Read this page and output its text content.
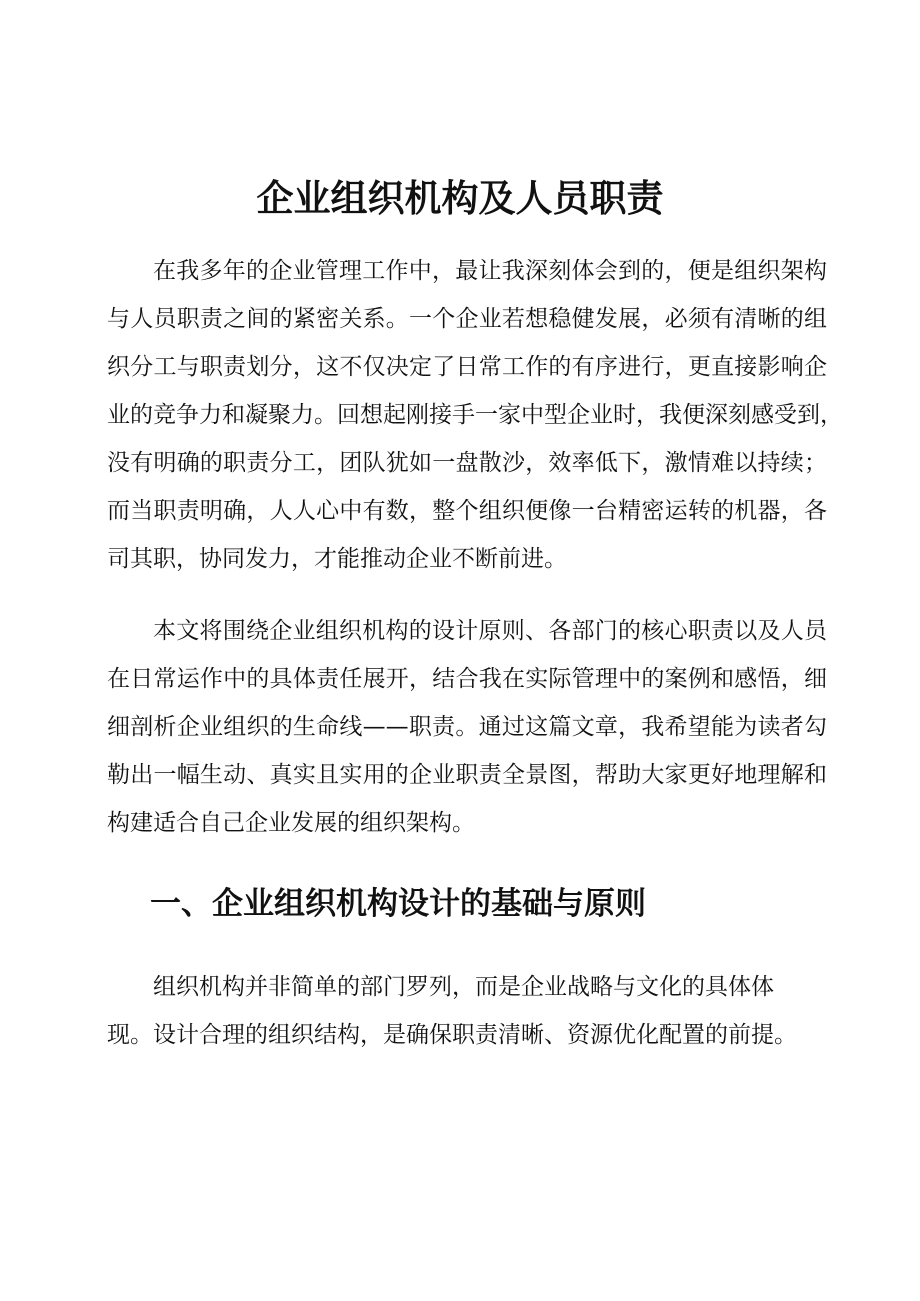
企业组织机构及人员职责
在我多年的企业管理工作中，最让我深刻体会到的，便是组织架构
与人员职责之间的紧密关系。一个企业若想稳健发展，必须有清晰的组
织分工与职责划分，这不仅决定了日常工作的有序进行，更直接影响企
业的竞争力和凝聚力。回想起刚接手一家中型企业时，我便深刻感受到，
没有明确的职责分工，团队犹如一盘散沙，效率低下，激情难以持续；
而当职责明确，人人心中有数，整个组织便像一台精密运转的机器，各
司其职，协同发力，才能推动企业不断前进。
本文将围绕企业组织机构的设计原则、各部门的核心职责以及人员
在日常运作中的具体责任展开，结合我在实际管理中的案例和感悟，细
细剖析企业组织的生命线——职责。通过这篇文章，我希望能为读者勾
勒出一幅生动、真实且实用的企业职责全景图，帮助大家更好地理解和
构建适合自己企业发展的组织架构。
一、企业组织机构设计的基础与原则
组织机构并非简单的部门罗列，而是企业战略与文化的具体体
现。设计合理的组织结构，是确保职责清晰、资源优化配置的前提。
